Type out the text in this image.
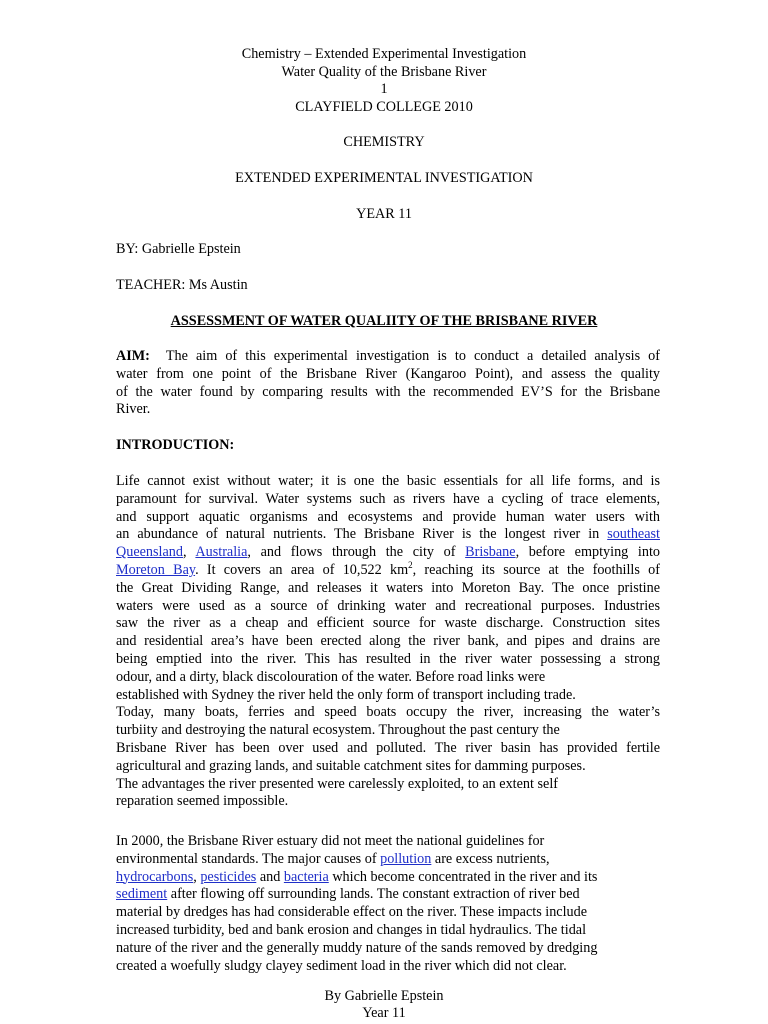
Chemistry – Extended Experimental Investigation
Water Quality of the Brisbane River
1
CLAYFIELD COLLEGE 2010
CHEMISTRY
EXTENDED EXPERIMENTAL INVESTIGATION
YEAR 11
BY: Gabrielle Epstein
TEACHER: Ms Austin
ASSESSMENT OF WATER QUALIITY OF THE BRISBANE RIVER
AIM: The aim of this experimental investigation is to conduct a detailed analysis of
water from one point of the Brisbane River (Kangaroo Point), and assess the quality
of the water found by comparing results with the recommended EV’S for the Brisbane
River.
INTRODUCTION:
Life cannot exist without water; it is one the basic essentials for all life forms, and is
paramount for survival. Water systems such as rivers have a cycling of trace elements,
and support aquatic organisms and ecosystems and provide human water users with
an abundance of natural nutrients. The Brisbane River is the longest river in southeast
Queensland, Australia, and flows through the city of Brisbane, before emptying into
Moreton Bay. It covers an area of 10,522 $km^2$, reaching its source at the foothills of
the Great Dividing Range, and releases it waters into Moreton Bay. The once pristine
waters were used as a source of drinking water and recreational purposes. Industries
saw the river as a cheap and efficient source for waste discharge. Construction sites
and residential area’s have been erected along the river bank, and pipes and drains are
being emptied into the river. This has resulted in the river water possessing a strong
odour, and a dirty, black discolouration of the water. Before road links were
established with Sydney the river held the only form of transport including trade.
Today, many boats, ferries and speed boats occupy the river, increasing the water’s
turbiity and destroying the natural ecosystem. Throughout the past century the
Brisbane River has been over used and polluted. The river basin has provided fertile
agricultural and grazing lands, and suitable catchment sites for damming purposes.
The advantages the river presented were carelessly exploited, to an extent self
reparation seemed impossible.
In 2000, the Brisbane River estuary did not meet the national guidelines for
environmental standards. The major causes of pollution are excess nutrients,
hydrocarbons, pesticides and bacteria which become concentrated in the river and its
sediment after flowing off surrounding lands. The constant extraction of river bed
material by dredges has had considerable effect on the river. These impacts include
increased turbidity, bed and bank erosion and changes in tidal hydraulics. The tidal
nature of the river and the generally muddy nature of the sands removed by dredging
created a woefully sludgy clayey sediment load in the river which did not clear.
By Gabrielle Epstein
Year 11
